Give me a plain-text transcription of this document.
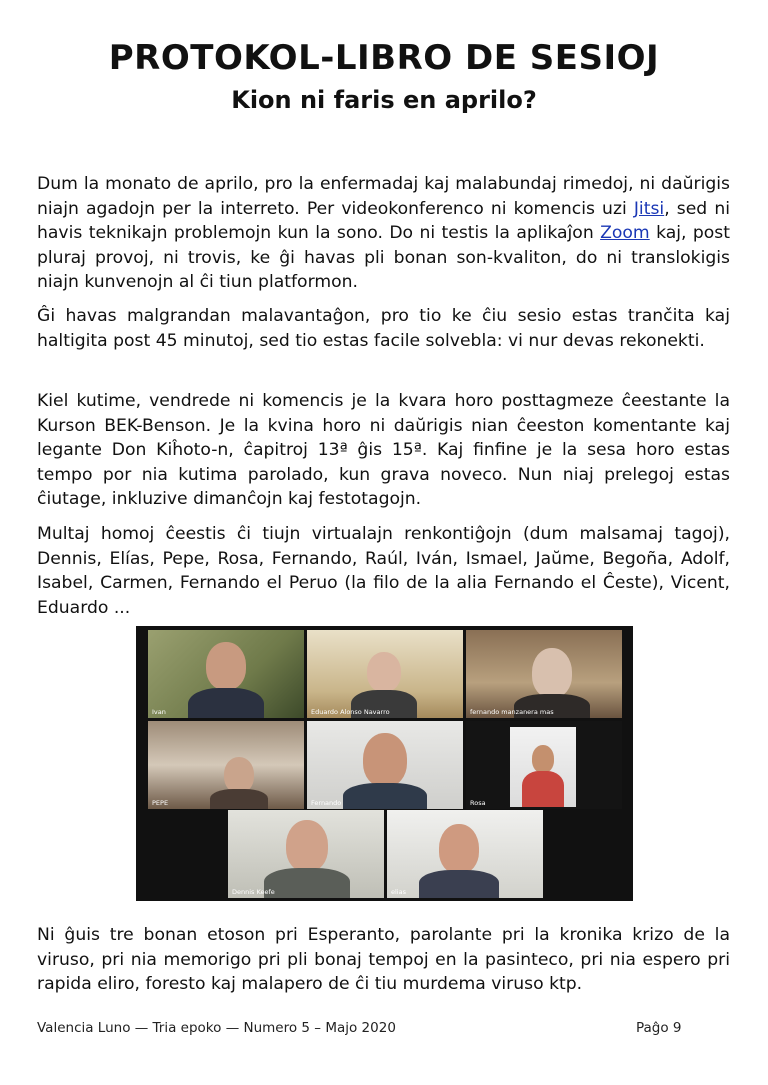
PROTOKOL-LIBRO DE SESIOJ
Kion ni faris en aprilo?

Dum la monato de aprilo, pro la enfermadaj kaj malabundaj rimedoj, ni daŭrigis niajn agadojn per la interreto. Per videokonferenco ni komencis uzi Jitsi, sed ni havis teknikajn problemojn kun la sono. Do ni testis la aplikaĵon Zoom kaj, post pluraj provoj, ni trovis, ke ĝi havas pli bonan son-kvaliton, do ni translokigis niajn kunvenojn al ĉi tiun platformon.

Ĝi havas malgrandan malavantaĝon, pro tio ke ĉiu sesio estas trančita kaj haltigita post 45 minutoj, sed tio estas facile solvebla: vi nur devas rekonekti.

Kiel kutime, vendrede ni komencis je la kvara horo posttagmeze ĉeestante la Kurson BEK-Benson. Je la kvina horo ni daŭrigis nian ĉeeston komentante kaj legante Don Kiĥoto-n, ĉapitroj 13ª ĝis 15ª. Kaj finfine je la sesa horo estas tempo por nia kutima parolado, kun grava noveco. Nun niaj prelegoj estas ĉiutage, inkluzive dimanĉojn kaj festotagojn.

Multaj homoj ĉeestis ĉi tiujn virtualajn renkontiĝojn (dum malsamaj tagoj), Dennis, Elías, Pepe, Rosa, Fernando, Raúl, Iván, Ismael, Jaŭme, Begoña, Adolf, Isabel, Carmen, Fernando el Peruo (la filo de la alia Fernando el Ĉeste), Vicent, Eduardo ...

Ivan	Eduardo Alonso Navarro	fernando manzanera mas
PEPE	Fernando	Rosa
Dennis Keefe	elias

Ni ĝuis tre bonan etoson pri Esperanto, parolante pri la kronika krizo de la viruso, pri nia memorigo pri pli bonaj tempoj en la pasinteco, pri nia espero pri rapida eliro, foresto kaj malapero de ĉi tiu murdema viruso ktp.

Valencia Luno — Tria epoko — Numero 5 – Majo 2020	Paĝo 9
